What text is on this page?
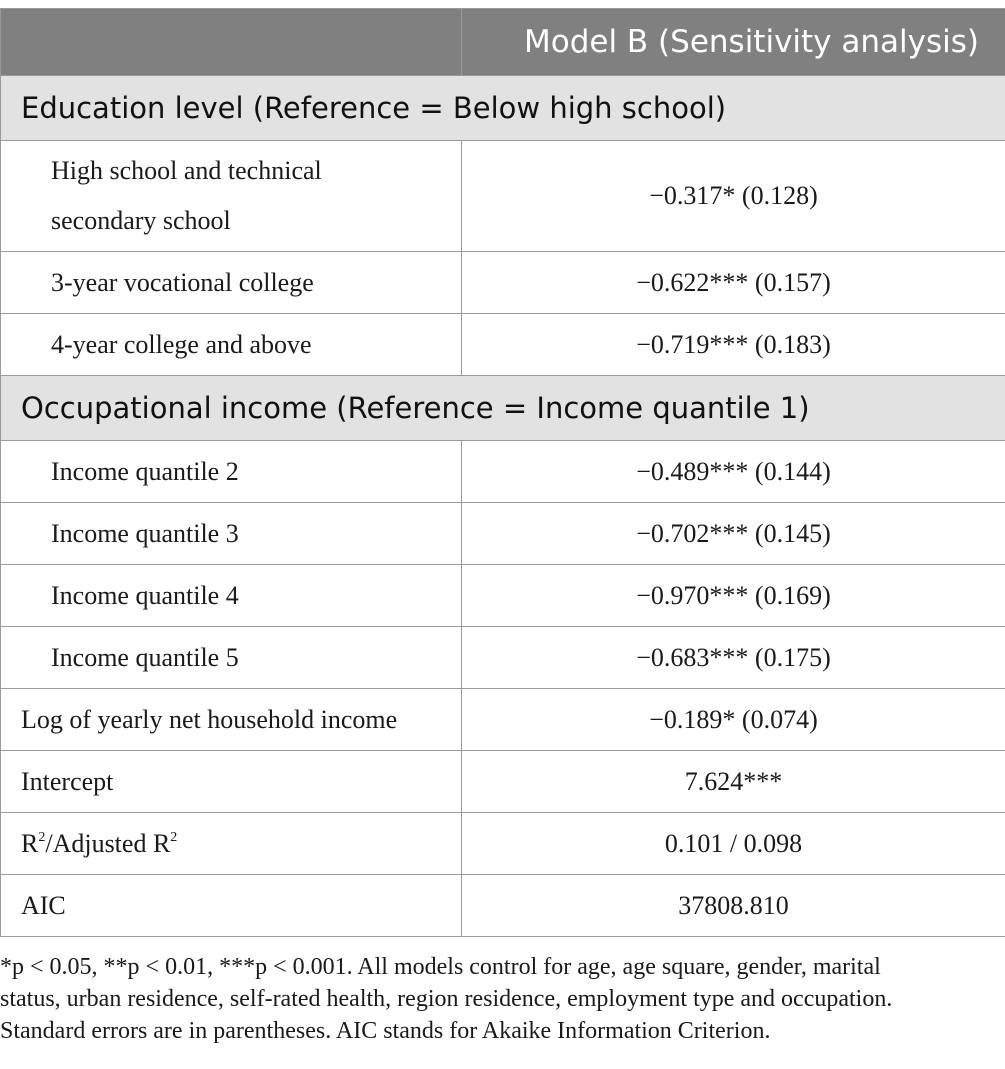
	Model B (Sensitivity analysis)
Education level (Reference = Below high school)	
High school and technical
secondary school	−0.317* (0.128)
3-year vocational college	−0.622*** (0.157)
4-year college and above	−0.719*** (0.183)
Occupational income (Reference = Income quantile 1)	
Income quantile 2	−0.489*** (0.144)
Income quantile 3	−0.702*** (0.145)
Income quantile 4	−0.970*** (0.169)
Income quantile 5	−0.683*** (0.175)
Log of yearly net household income	−0.189* (0.074)
Intercept	7.624***
$R^2$/Adjusted $R^2$	0.101 / 0.098
AIC	37808.810

*p < 0.05, **p < 0.01, ***p < 0.001. All models control for age, age square, gender, marital

status, urban residence, self-rated health, region residence, employment type and occupation.

Standard errors are in parentheses. AIC stands for Akaike Information Criterion.
